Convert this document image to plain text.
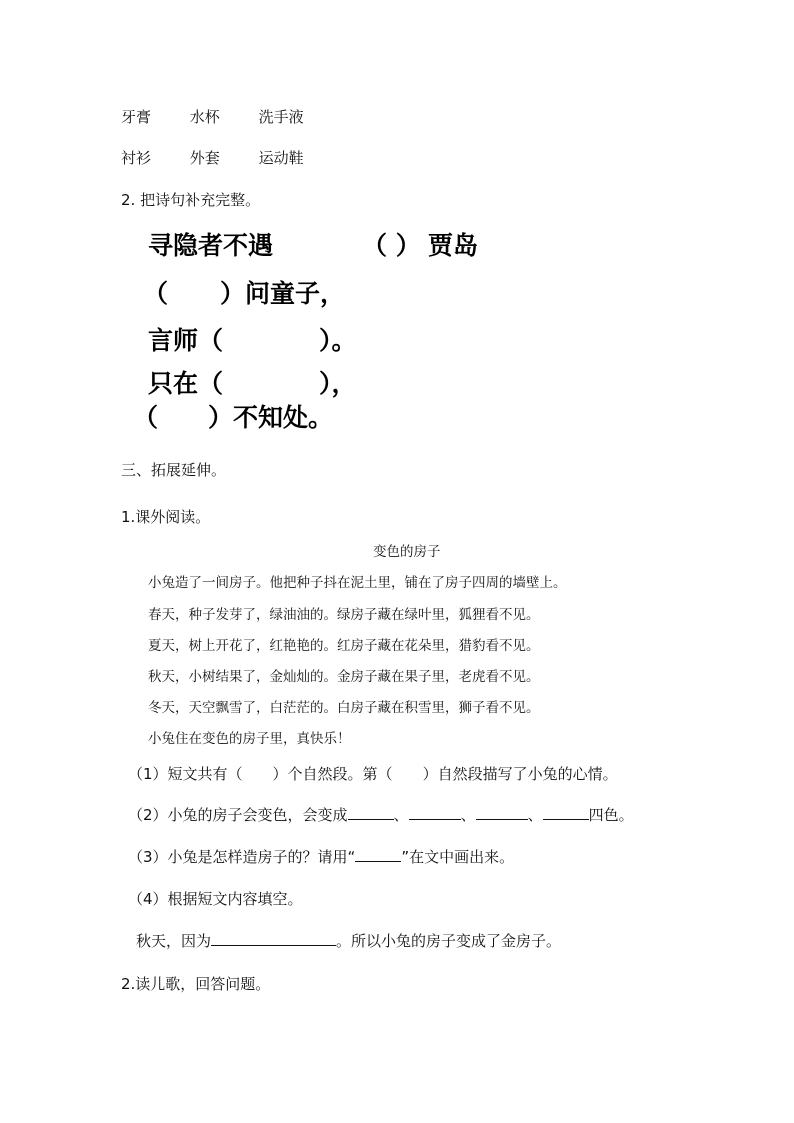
牙膏	水杯	洗手液
衬衫	外套	运动鞋
2. 把诗句补充完整。
寻隐者不遇	（ ） 贾岛
（ ）问童子，
言师（	）。
只在（	），
（ ）不知处。
三、拓展延伸。
1.课外阅读。
变色的房子
小兔造了一间房子。他把种子抖在泥土里，铺在了房子四周的墙壁上。
春天，种子发芽了，绿油油的。绿房子藏在绿叶里，狐狸看不见。
夏天，树上开花了，红艳艳的。红房子藏在花朵里，猎豹看不见。
秋天，小树结果了，金灿灿的。金房子藏在果子里，老虎看不见。
冬天，天空飘雪了，白茫茫的。白房子藏在积雪里，狮子看不见。
小兔住在变色的房子里，真快乐！
（1）短文共有（ ）个自然段。第（ ）自然段描写了小兔的心情。
（2）小兔的房子会变色，会变成	、	、	、	四色。
（3）小兔是怎样造房子的？请用“	”在文中画出来。
（4）根据短文内容填空。
秋天，因为	。所以小兔的房子变成了金房子。
2.读儿歌，回答问题。
